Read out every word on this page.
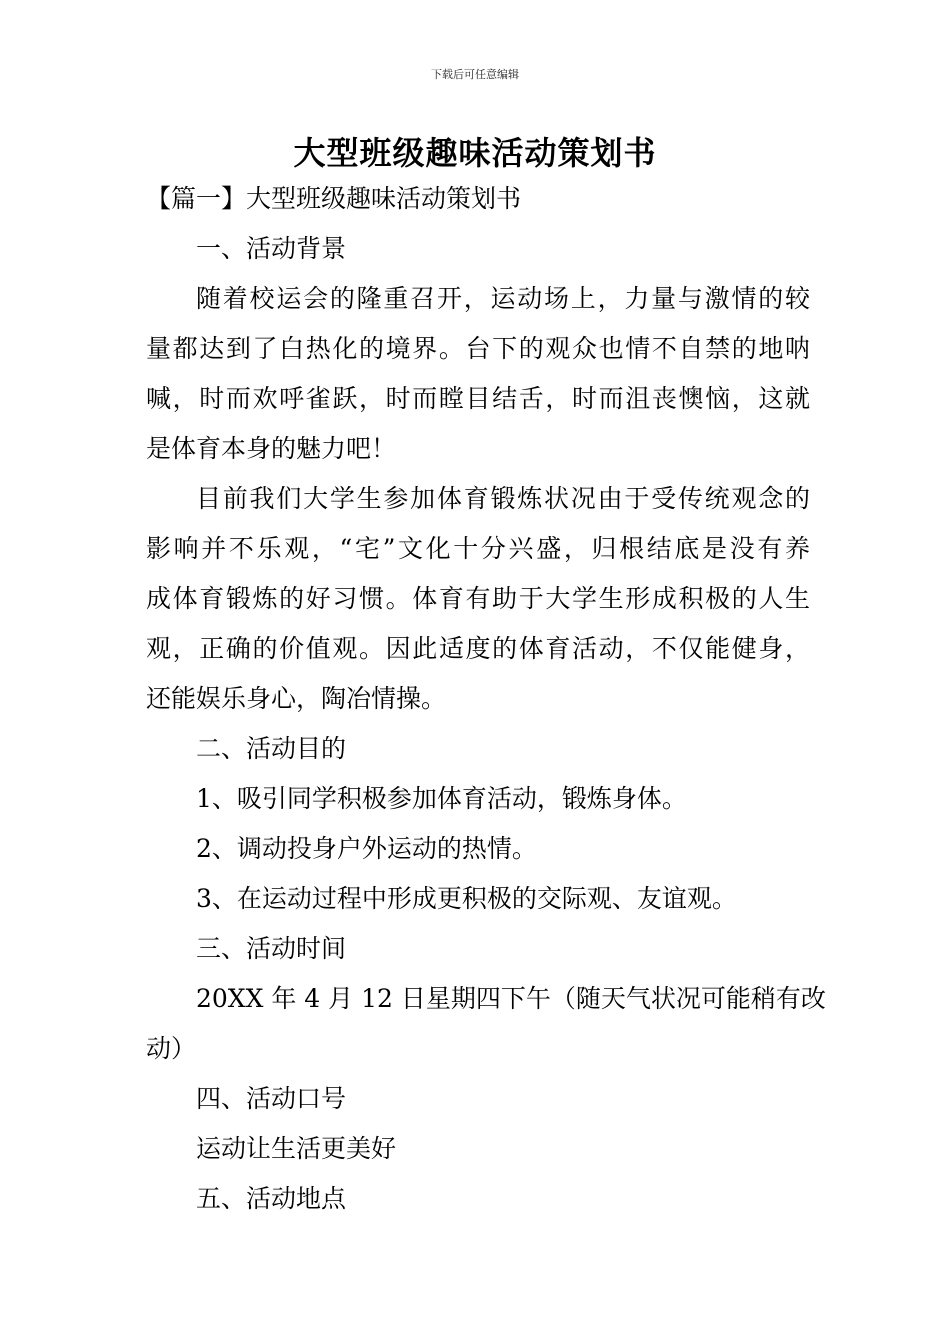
下载后可任意编辑
大型班级趣味活动策划书
【篇一】大型班级趣味活动策划书
一、活动背景
随着校运会的隆重召开，运动场上，力量与激情的较
量都达到了白热化的境界。台下的观众也情不自禁的地呐
喊，时而欢呼雀跃，时而瞠目结舌，时而沮丧懊恼，这就
是体育本身的魅力吧！
目前我们大学生参加体育锻炼状况由于受传统观念的
影响并不乐观，“宅”文化十分兴盛，归根结底是没有养
成体育锻炼的好习惯。体育有助于大学生形成积极的人生
观，正确的价值观。因此适度的体育活动，不仅能健身，
还能娱乐身心，陶冶情操。
二、活动目的
1、吸引同学积极参加体育活动，锻炼身体。
2、调动投身户外运动的热情。
3、在运动过程中形成更积极的交际观、友谊观。
三、活动时间
20XX 年 4 月 12 日星期四下午（随天气状况可能稍有改
动）
四、活动口号
运动让生活更美好
五、活动地点
